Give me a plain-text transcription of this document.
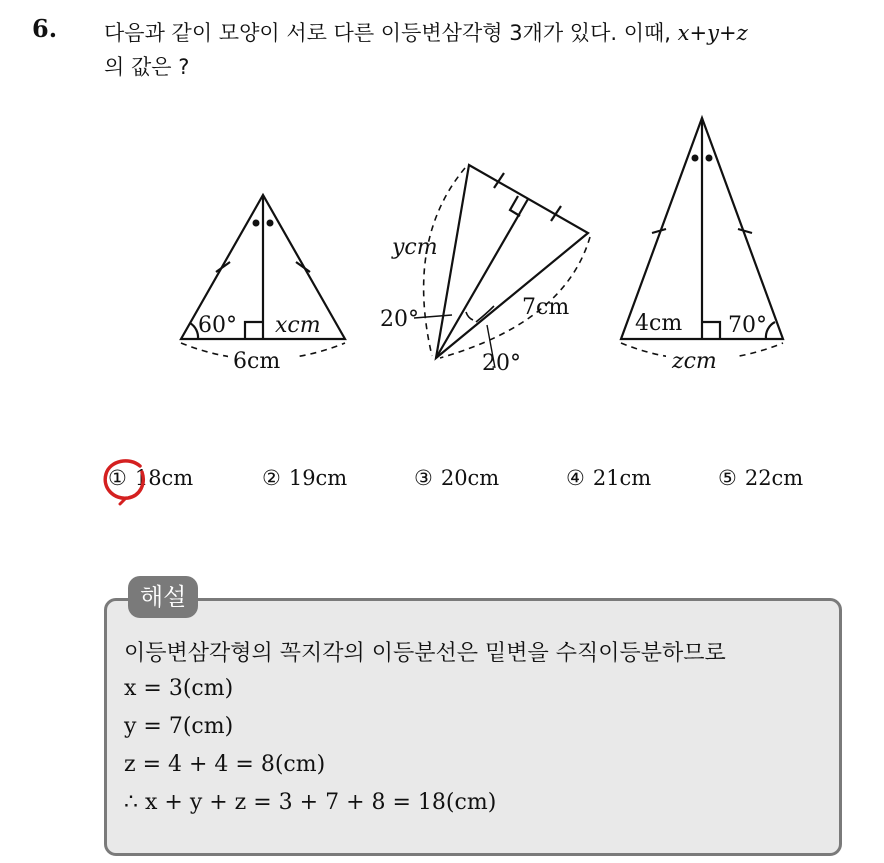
6. 다음과 같이 모양이 서로 다른 이등변삼각형 3개가 있다. 이때, x+y+z
의 값은 ?
60° xcm
6cm
ycm
20°	7cm
20°
4cm 70°
zcm
① 18cm	② 19cm	③ 20cm	④ 21cm	⑤ 22cm
해설
이등변삼각형의 꼭지각의 이등분선은 밑변을 수직이등분하므로
x = 3(cm)
y = 7(cm)
z = 4 + 4 = 8(cm)
∴ x + y + z = 3 + 7 + 8 = 18(cm)
